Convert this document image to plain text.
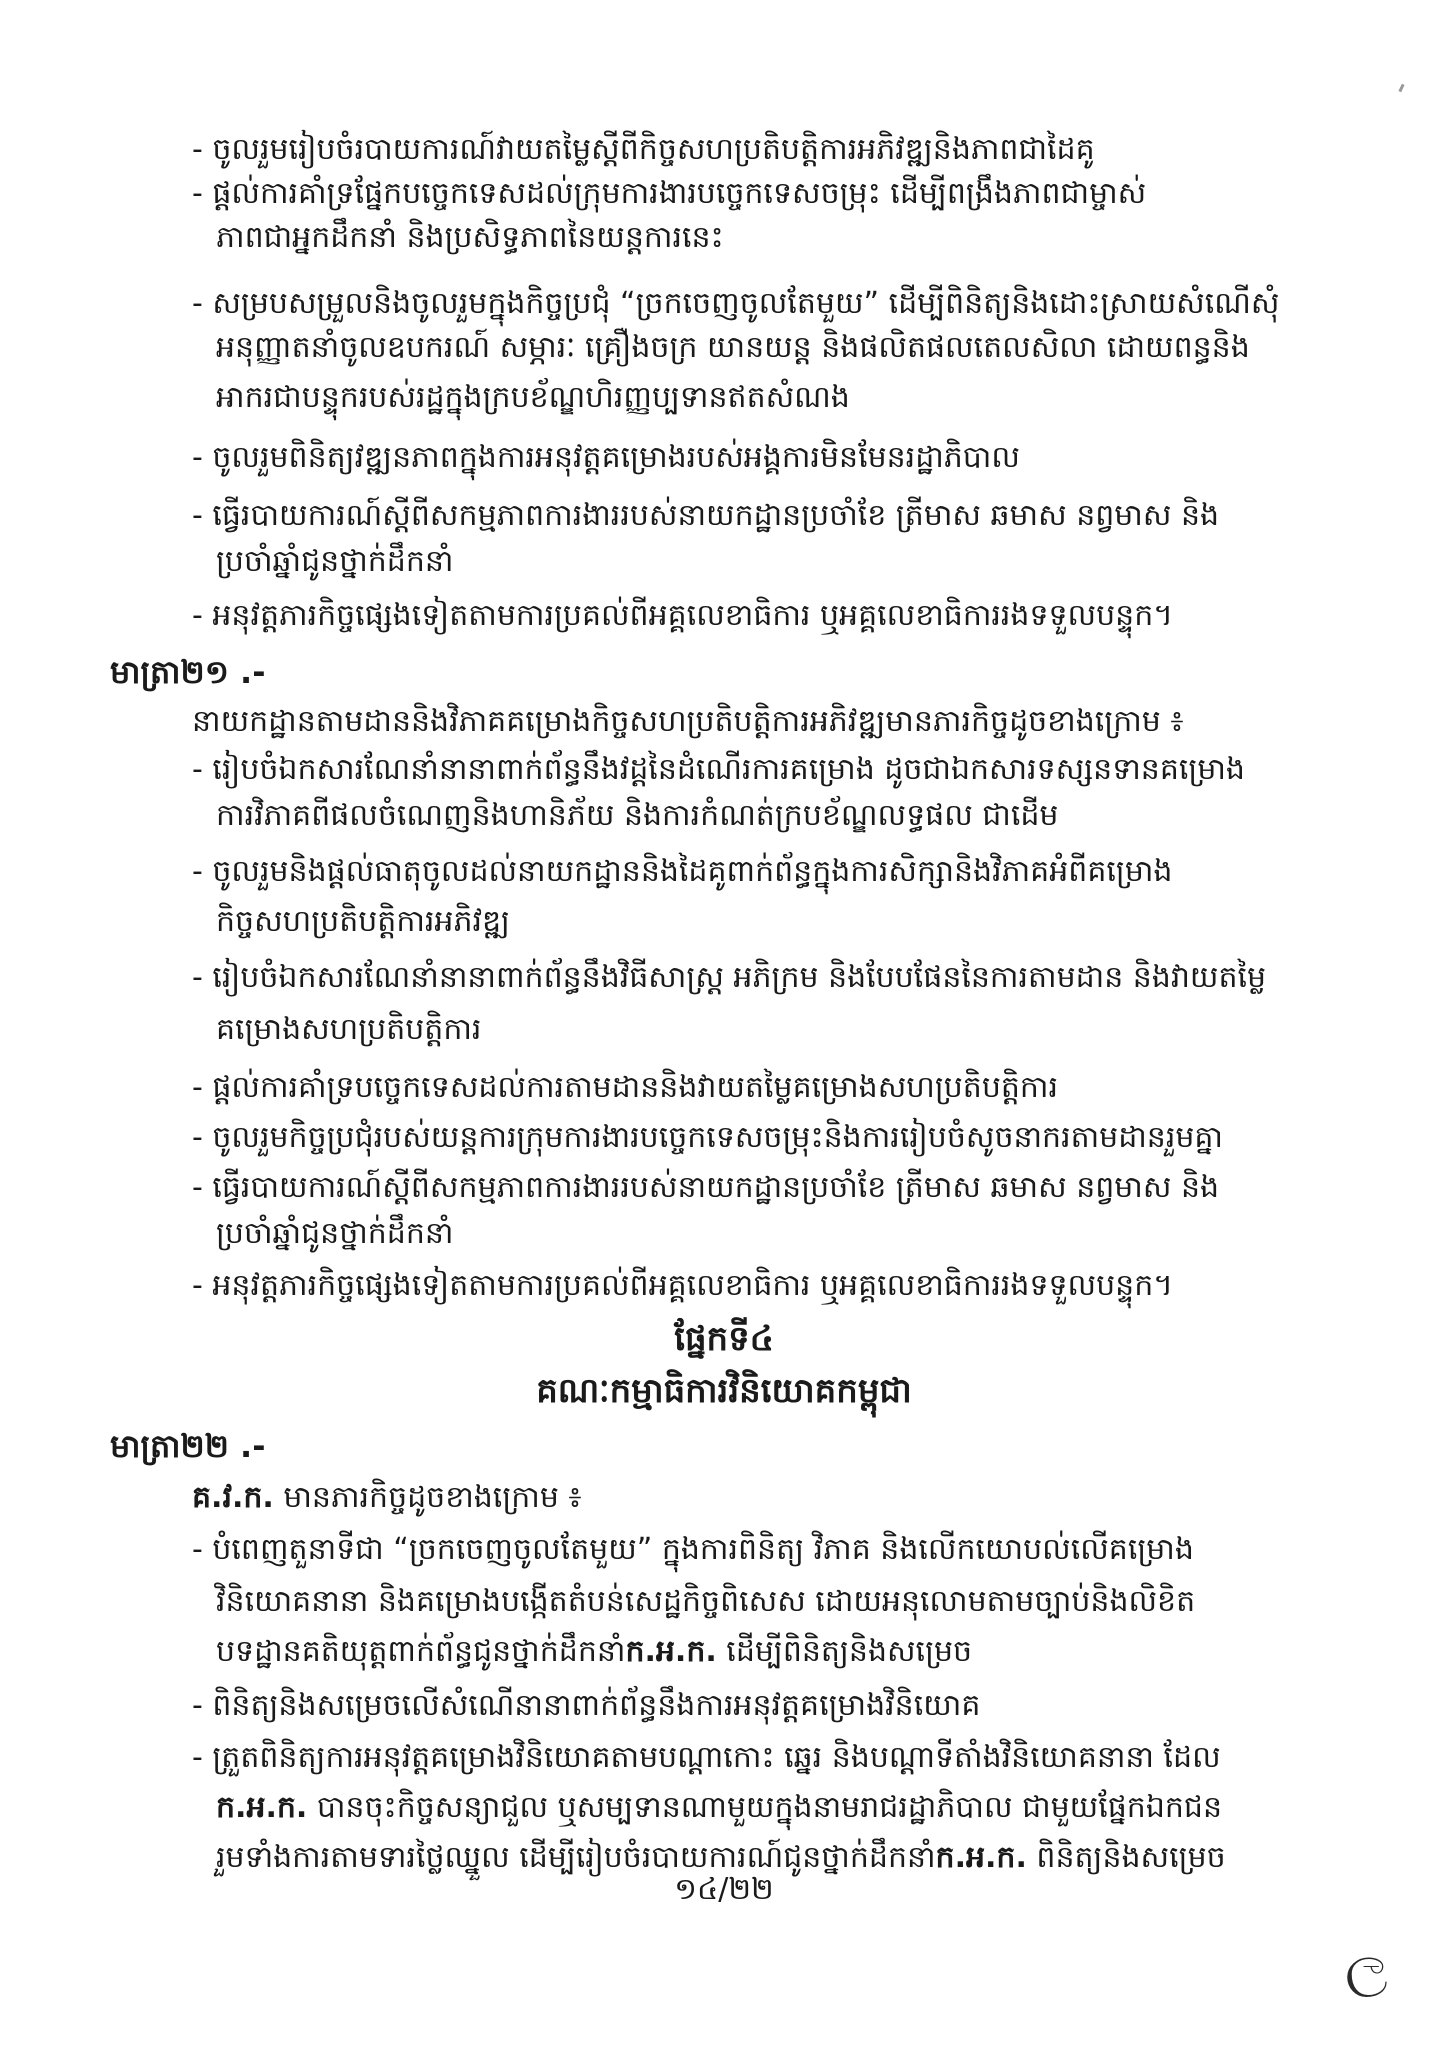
- ចូលរួមរៀបចំរបាយការណ៍វាយតម្លៃស្ដីពីកិច្ចសហប្រតិបត្តិការអភិវឌ្ឍនិងភាពជាដៃគូ
- ផ្ដល់ការគាំទ្រផ្នែកបច្ចេកទេសដល់ក្រុមការងារបច្ចេកទេសចម្រុះ ដើម្បីពង្រឹងភាពជាម្ចាស់
ភាពជាអ្នកដឹកនាំ និងប្រសិទ្ធភាពនៃយន្តការនេះ
- សម្របសម្រួលនិងចូលរួមក្នុងកិច្ចប្រជុំ “ច្រកចេញចូលតែមួយ” ដើម្បីពិនិត្យនិងដោះស្រាយសំណើសុំ
អនុញ្ញាតនាំចូលឧបករណ៍ សម្ភារៈ គ្រឿងចក្រ យានយន្ត និងផលិតផលតេលសិលា ដោយពន្ធនិង
អាករជាបន្ទុករបស់រដ្ឋក្នុងក្របខ័ណ្ឌហិរញ្ញប្បទានឥតសំណង
- ចូលរួមពិនិត្យវឌ្ឍនភាពក្នុងការអនុវត្តគម្រោងរបស់អង្គការមិនមែនរដ្ឋាភិបាល
- ធ្វើរបាយការណ៍ស្ដីពីសកម្មភាពការងាររបស់នាយកដ្ឋានប្រចាំខែ ត្រីមាស ឆមាស នព្វមាស និង
ប្រចាំឆ្នាំជូនថ្នាក់ដឹកនាំ
- អនុវត្តភារកិច្ចផ្សេងទៀតតាមការប្រគល់ពីអគ្គលេខាធិការ ឬអគ្គលេខាធិការរងទទួលបន្ទុក។
មាត្រា២១ .-
នាយកដ្ឋានតាមដាននិងវិភាគគម្រោងកិច្ចសហប្រតិបត្តិការអភិវឌ្ឍមានភារកិច្ចដូចខាងក្រោម ៖
- រៀបចំឯកសារណែនាំនានាពាក់ព័ន្ធនឹងវដ្ដនៃដំណើរការគម្រោង ដូចជាឯកសារទស្សនទានគម្រោង
ការវិភាគពីផលចំណេញនិងហានិភ័យ និងការកំណត់ក្របខ័ណ្ឌលទ្ធផល ជាដើម
- ចូលរួមនិងផ្ដល់ធាតុចូលដល់នាយកដ្ឋាននិងដៃគូពាក់ព័ន្ធក្នុងការសិក្សានិងវិភាគអំពីគម្រោង
កិច្ចសហប្រតិបត្តិការអភិវឌ្ឍ
- រៀបចំឯកសារណែនាំនានាពាក់ព័ន្ធនឹងវិធីសាស្ត្រ អភិក្រម និងបែបផែននៃការតាមដាន និងវាយតម្លៃ
គម្រោងសហប្រតិបត្តិការ
- ផ្ដល់ការគាំទ្របច្ចេកទេសដល់ការតាមដាននិងវាយតម្លៃគម្រោងសហប្រតិបត្តិការ
- ចូលរួមកិច្ចប្រជុំរបស់យន្តការក្រុមការងារបច្ចេកទេសចម្រុះនិងការរៀបចំសូចនាករតាមដានរួមគ្នា
- ធ្វើរបាយការណ៍ស្ដីពីសកម្មភាពការងាររបស់នាយកដ្ឋានប្រចាំខែ ត្រីមាស ឆមាស នព្វមាស និង
ប្រចាំឆ្នាំជូនថ្នាក់ដឹកនាំ
- អនុវត្តភារកិច្ចផ្សេងទៀតតាមការប្រគល់ពីអគ្គលេខាធិការ ឬអគ្គលេខាធិការរងទទួលបន្ទុក។
ផ្នែកទី៤
គណៈកម្មាធិការវិនិយោគកម្ពុជា
មាត្រា២២ .-
គ.វ.ក. មានភារកិច្ចដូចខាងក្រោម ៖
- បំពេញតួនាទីជា “ច្រកចេញចូលតែមួយ” ក្នុងការពិនិត្យ វិភាគ និងលើកយោបល់លើគម្រោង
វិនិយោគនានា និងគម្រោងបង្កើតតំបន់សេដ្ឋកិច្ចពិសេស ដោយអនុលោមតាមច្បាប់និងលិខិត
បទដ្ឋានគតិយុត្តពាក់ព័ន្ធជូនថ្នាក់ដឹកនាំក.អ.ក. ដើម្បីពិនិត្យនិងសម្រេច
- ពិនិត្យនិងសម្រេចលើសំណើនានាពាក់ព័ន្ធនឹងការអនុវត្តគម្រោងវិនិយោគ
- ត្រួតពិនិត្យការអនុវត្តគម្រោងវិនិយោគតាមបណ្ដាកោះ ឆ្នេរ និងបណ្ដាទីតាំងវិនិយោគនានា ដែល
ក.អ.ក. បានចុះកិច្ចសន្យាជួល ឬសម្បទានណាមួយក្នុងនាមរាជរដ្ឋាភិបាល ជាមួយផ្នែកឯកជន
រួមទាំងការតាមទារថ្លៃឈ្នួល ដើម្បីរៀបចំរបាយការណ៍ជូនថ្នាក់ដឹកនាំក.អ.ក. ពិនិត្យនិងសម្រេច
១៤/២២
ල
